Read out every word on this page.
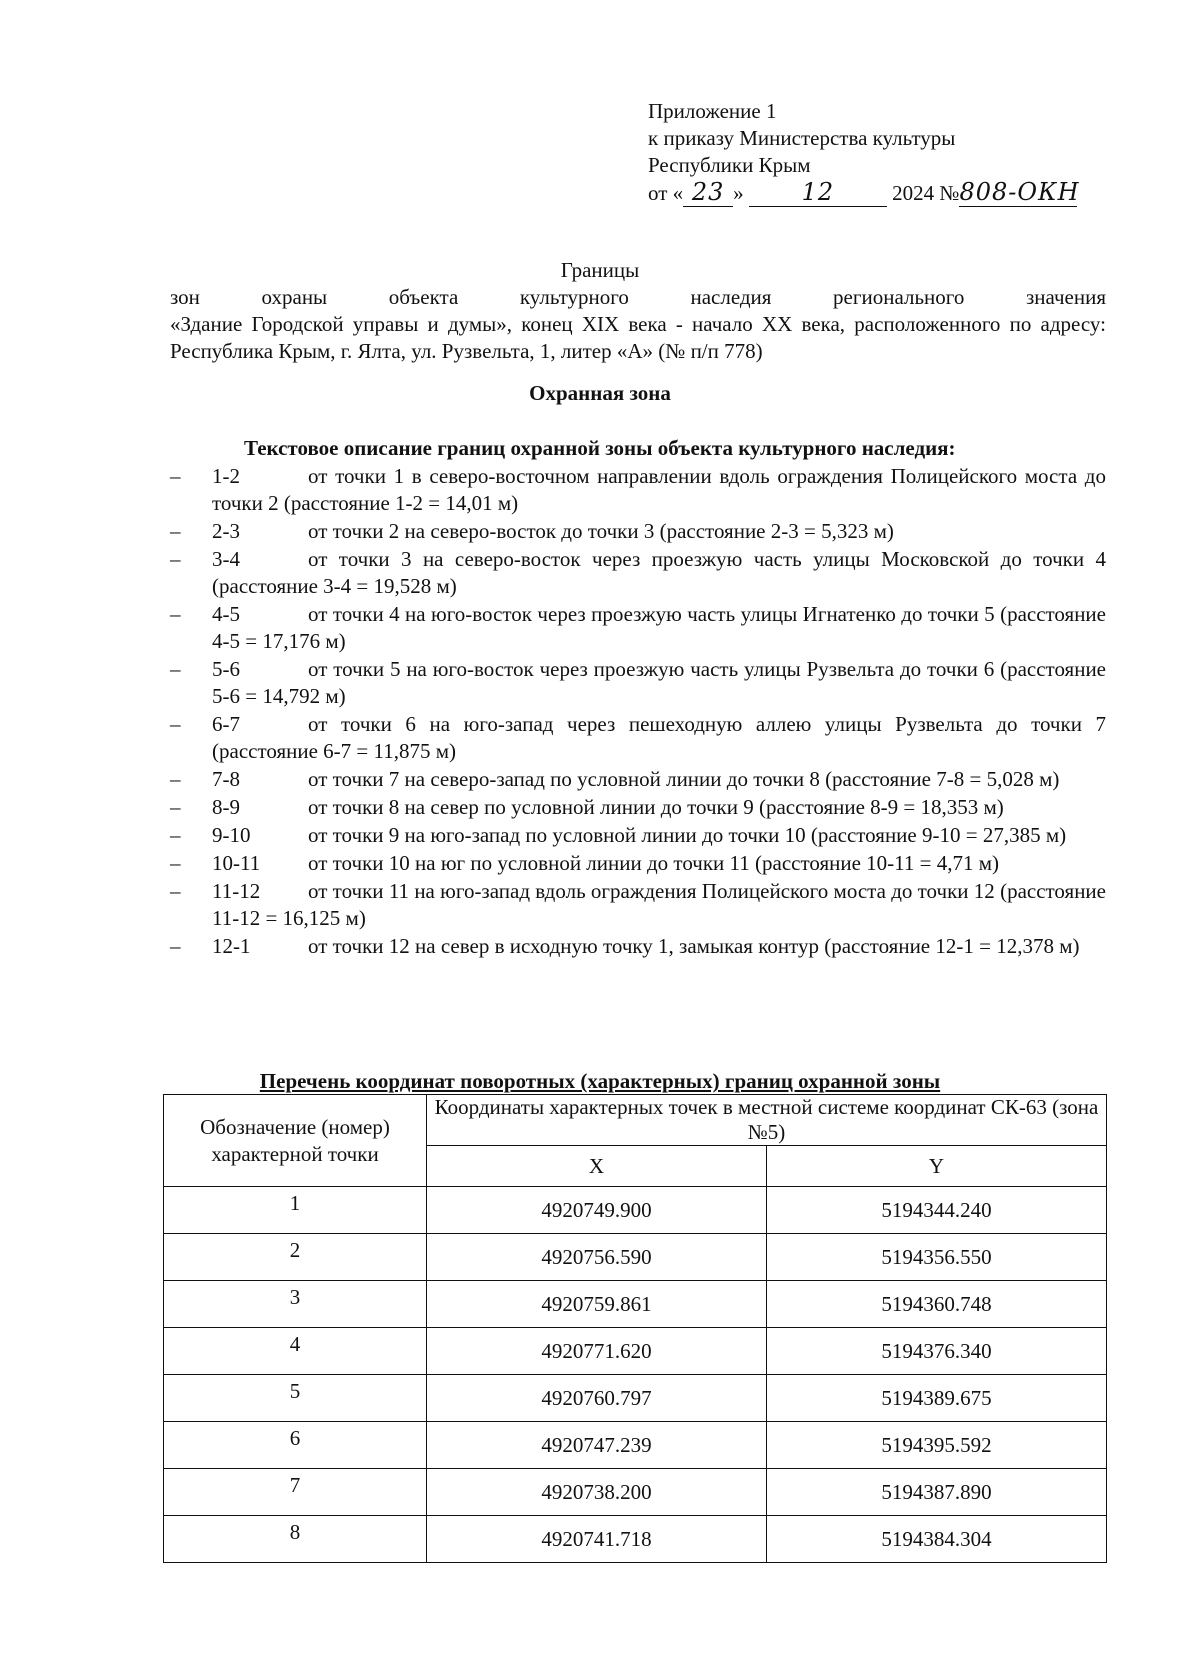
Приложение 1
к приказу Министерства культуры
Республики Крым
от « 23 » 12	2024 №808-ОКН
Границы
зон охраны объекта культурного наследия регионального значения
«Здание Городской управы и думы», конец XIX века - начало XX века, расположенного по адресу: Республика Крым, г. Ялта, ул. Рузвельта, 1, литер «А» (№ п/п 778)
Охранная зона
Текстовое описание границ охранной зоны объекта культурного наследия:
– 1-2	от точки 1 в северо-восточном направлении вдоль ограждения Полицейского моста до точки 2 (расстояние 1-2 = 14,01 м)
– 2-3	от точки 2 на северо-восток до точки 3 (расстояние 2-3 = 5,323 м)
– 3-4	от точки 3 на северо-восток через проезжую часть улицы Московской до точки 4 (расстояние 3-4 = 19,528 м)
– 4-5	от точки 4 на юго-восток через проезжую часть улицы Игнатенко до точки 5 (расстояние 4-5 = 17,176 м)
– 5-6	от точки 5 на юго-восток через проезжую часть улицы Рузвельта до точки 6 (расстояние 5-6 = 14,792 м)
– 6-7	от точки 6 на юго-запад через пешеходную аллею улицы Рузвельта до точки 7 (расстояние 6-7 = 11,875 м)
– 7-8	от точки 7 на северо-запад по условной линии до точки 8 (расстояние 7-8 = 5,028 м)
– 8-9	от точки 8 на север по условной линии до точки 9 (расстояние 8-9 = 18,353 м)
– 9-10	от точки 9 на юго-запад по условной линии до точки 10 (расстояние 9-10 = 27,385 м)
– 10-11 от точки 10 на юг по условной линии до точки 11 (расстояние 10-11 = 4,71 м)
– 11-12 от точки 11 на юго-запад вдоль ограждения Полицейского моста до точки 12 (расстояние 11-12 = 16,125 м)
– 12-1	от точки 12 на север в исходную точку 1, замыкая контур (расстояние 12-1 = 12,378 м)
Перечень координат поворотных (характерных) границ охранной зоны
Обозначение (номер) характерной точки	Координаты характерных точек в местной системе координат СК-63 (зона №5)	
	X	Y
1	4920749.900	5194344.240
2	4920756.590	5194356.550
3	4920759.861	5194360.748
4	4920771.620	5194376.340
5	4920760.797	5194389.675
6	4920747.239	5194395.592
7	4920738.200	5194387.890
8	4920741.718	5194384.304
